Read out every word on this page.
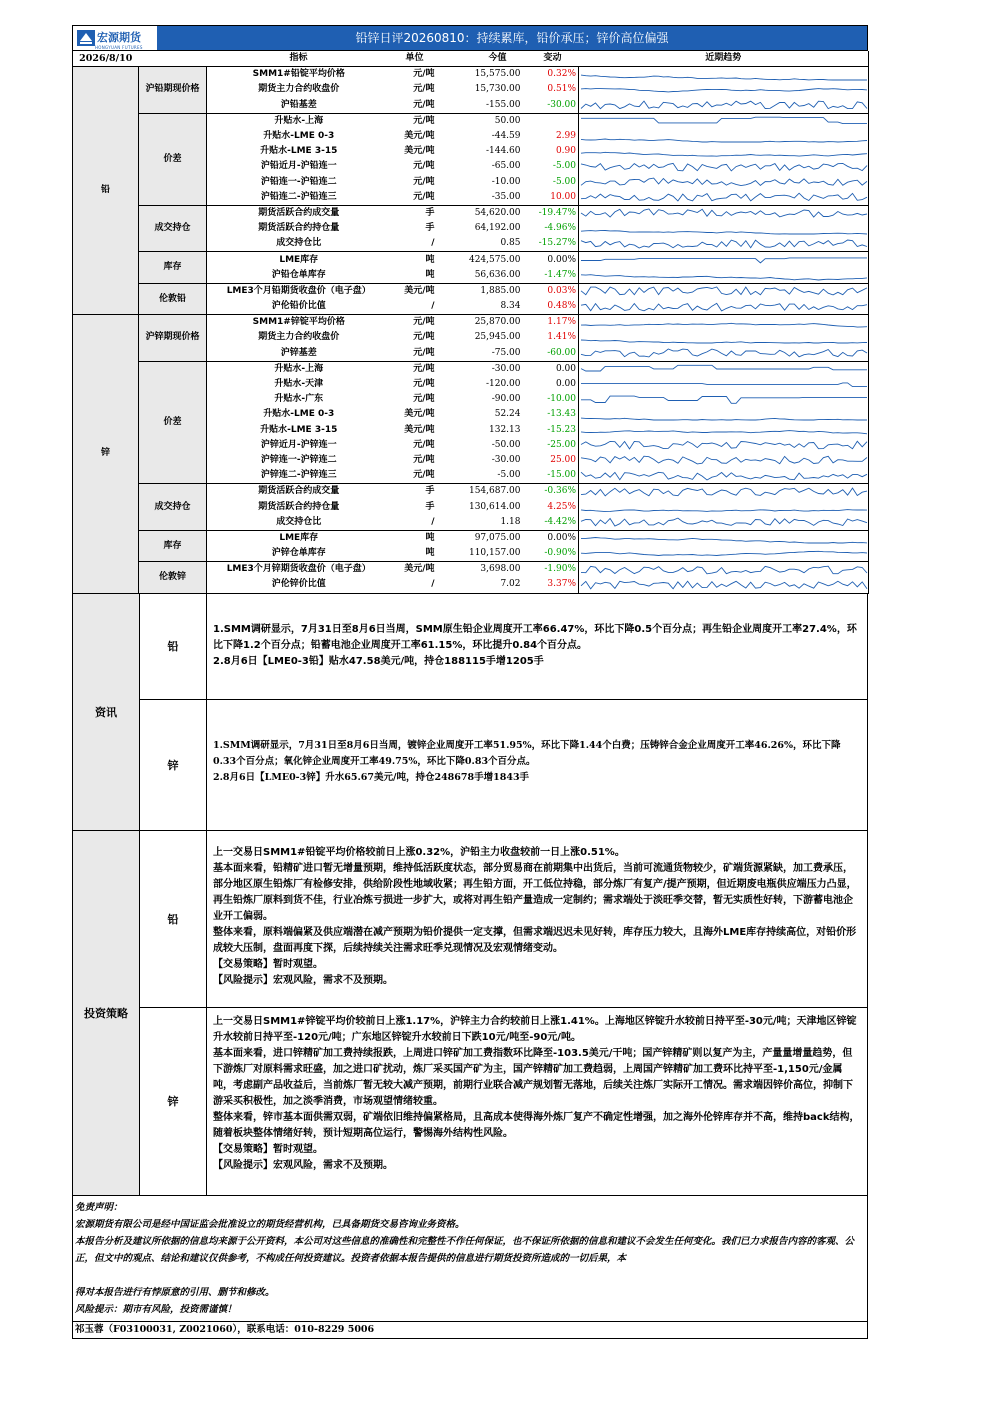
宏源期货
HONGYUAN FUTURES
铅锌日评20260810：持续累库，铅价承压；锌价高位偏强
2026/8/10		指标	单位	今值	变动	近期趋势
铅	沪铅期现价格	SMM1#铅锭平均价格	元/吨	15,575.00	0.32%	

		期货主力合约收盘价	元/吨	15,730.00	0.51%	

		沪铅基差	元/吨	-155.00	-30.00	

	价差	升贴水-上海	元/吨	50.00		

		升贴水-LME 0-3	美元/吨	-44.59	2.99	

		升贴水-LME 3-15	美元/吨	-144.60	0.90	

		沪铅近月-沪铅连一	元/吨	-65.00	-5.00	

		沪铅连一-沪铅连二	元/吨	-10.00	-5.00	

		沪铅连二-沪铅连三	元/吨	-35.00	10.00	

	成交持仓	期货活跃合约成交量	手	54,620.00	-19.47%	

		期货活跃合约持仓量	手	64,192.00	-4.96%	

		成交持仓比	/	0.85	-15.27%	

	库存	LME库存	吨	424,575.00	0.00%	

		沪铅仓单库存	吨	56,636.00	-1.47%	

	伦敦铅	LME3个月铅期货收盘价（电子盘）	美元/吨	1,885.00	0.03%	

		沪伦铅价比值	/	8.34	0.48%	

锌	沪锌期现价格	SMM1#锌锭平均价格	元/吨	25,870.00	1.17%	

		期货主力合约收盘价	元/吨	25,945.00	1.41%	

		沪锌基差	元/吨	-75.00	-60.00	

	价差	升贴水-上海	元/吨	-30.00	0.00	

		升贴水-天津	元/吨	-120.00	0.00	

		升贴水-广东	元/吨	-90.00	-10.00	

		升贴水-LME 0-3	美元/吨	52.24	-13.43	

		升贴水-LME 3-15	美元/吨	132.13	-15.23	

		沪锌近月-沪锌连一	元/吨	-50.00	-25.00	

		沪锌连一-沪锌连二	元/吨	-30.00	25.00	

		沪锌连二-沪锌连三	元/吨	-5.00	-15.00	

	成交持仓	期货活跃合约成交量	手	154,687.00	-0.36%	

		期货活跃合约持仓量	手	130,614.00	4.25%	

		成交持仓比	/	1.18	-4.42%	

	库存	LME库存	吨	97,075.00	0.00%	

		沪锌仓单库存	吨	110,157.00	-0.90%	

	伦敦锌	LME3个月锌期货收盘价（电子盘）	美元/吨	3,698.00	-1.90%	

		沪伦锌价比值	/	7.02	3.37%	
资讯
铅

1.SMM调研显示，7月31日至8月6日当周，SMM原生铅企业周度开工率66.47%，环比下降0.5个百分点；再生铅企业周度开工率27.4%，环比下降1.2个百分点；铅蓄电池企业周度开工率61.15%，环比提升0.84个百分点。

2.8月6日【LME0-3铅】贴水47.58美元/吨，持仓188115手增1205手

锌

1.SMM调研显示，7月31日至8月6日当周，镀锌企业周度开工率51.95%，环比下降1.44个白费；压铸锌合金企业周度开工率46.26%，环比下降0.33个百分点；氧化锌企业周度开工率49.75%，环比下降0.83个百分点。

2.8月6日【LME0-3锌】升水65.67美元/吨，持仓248678手增1843手

投资策略
铅

上一交易日SMM1#铅锭平均价格较前日上涨0.32%，沪铅主力收盘较前一日上涨0.51%。

基本面来看，铅精矿进口暂无增量预期，维持低活跃度状态，部分贸易商在前期集中出货后，当前可流通货物较少，矿端货源紧缺，加工费承压，部分地区原生铅炼厂有检修安排，供给阶段性地域收紧；再生铅方面，开工低位持稳，部分炼厂有复产/提产预期，但近期废电瓶供应端压力凸显，再生铅炼厂原料到货不佳，行业冶炼亏损进一步扩大，或将对再生铅产量造成一定制约；需求端处于淡旺季交替，暂无实质性好转，下游蓄电池企业开工偏弱。

整体来看，原料端偏紧及供应端潜在减产预期为铅价提供一定支撑，但需求端迟迟未见好转，库存压力较大，且海外LME库存持续高位，对铅价形成较大压制，盘面再度下探，后续持续关注需求旺季兑现情况及宏观情绪变动。

【交易策略】暂时观望。

【风险提示】宏观风险，需求不及预期。

锌

上一交易日SMM1#锌锭平均价较前日上涨1.17%，沪锌主力合约较前日上涨1.41%。上海地区锌锭升水较前日持平至-30元/吨；天津地区锌锭升水较前日持平至-120元/吨；广东地区锌锭升水较前日下跌10元/吨至-90元/吨。

基本面来看，进口锌精矿加工费持续报跌，上周进口锌矿加工费指数环比降至-103.5美元/干吨；国产锌精矿则以复产为主，产量量增量趋势，但下游炼厂对原料需求旺盛，加之进口矿扰动，炼厂采买国产矿为主，国产锌精矿加工费趋弱，上周国产锌精矿加工费环比持平至-1,150元/金属吨，考虑副产品收益后，当前炼厂暂无较大减产预期，前期行业联合减产规划暂无落地，后续关注炼厂实际开工情况。需求端因锌价高位，抑制下游采买积极性，加之淡季消费，市场观望情绪较重。

整体来看，锌市基本面供需双弱，矿端依旧维持偏紧格局，且高成本使得海外炼厂复产不确定性增强，加之海外伦锌库存并不高，维持back结构，随着板块整体情绪好转，预计短期高位运行，警惕海外结构性风险。

【交易策略】暂时观望。

【风险提示】宏观风险，需求不及预期。

免责声明：

宏源期货有限公司是经中国证监会批准设立的期货经营机构，已具备期货交易咨询业务资格。

本报告分析及建议所依据的信息均来源于公开资料，本公司对这些信息的准确性和完整性不作任何保证，也不保证所依据的信息和建议不会发生任何变化。我们已力求报告内容的客观、公正，但文中的观点、结论和建议仅供参考，不构成任何投资建议。投资者依据本报告提供的信息进行期货投资所造成的一切后果，本

得对本报告进行有悖原意的引用、删节和修改。

风险提示：期市有风险，投资需谨慎！

祁玉蓉（F03100031, Z0021060），联系电话：010-8229 5006
